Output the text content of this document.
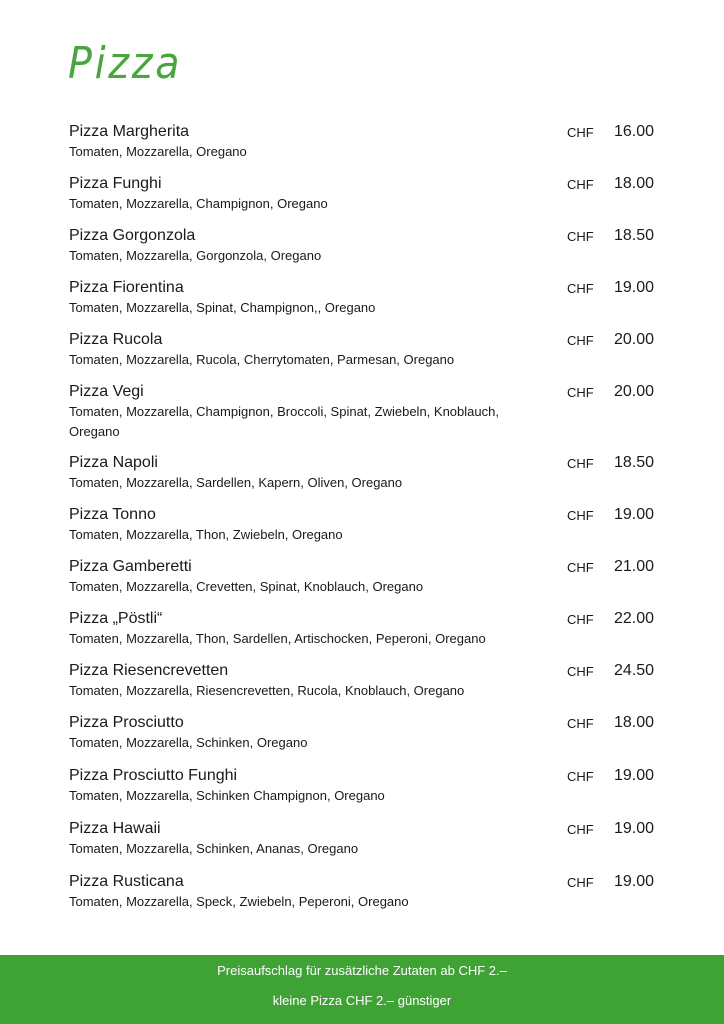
Pizza
Pizza Margherita
Tomaten, Mozzarella, Oregano
CHF 16.00
Pizza Funghi
Tomaten, Mozzarella, Champignon, Oregano
CHF 18.00
Pizza Gorgonzola
Tomaten, Mozzarella, Gorgonzola, Oregano
CHF 18.50
Pizza Fiorentina
Tomaten, Mozzarella, Spinat, Champignon,, Oregano
CHF 19.00
Pizza Rucola
Tomaten, Mozzarella, Rucola, Cherrytomaten, Parmesan, Oregano
CHF 20.00
Pizza Vegi
Tomaten, Mozzarella, Champignon, Broccoli, Spinat, Zwiebeln, Knoblauch, Oregano
CHF 20.00
Pizza Napoli
Tomaten, Mozzarella, Sardellen, Kapern, Oliven, Oregano
CHF 18.50
Pizza Tonno
Tomaten, Mozzarella, Thon, Zwiebeln, Oregano
CHF 19.00
Pizza Gamberetti
Tomaten, Mozzarella, Crevetten, Spinat, Knoblauch, Oregano
CHF 21.00
Pizza „Pöstli“
Tomaten, Mozzarella, Thon, Sardellen, Artischocken, Peperoni, Oregano
CHF 22.00
Pizza Riesencrevetten
Tomaten, Mozzarella, Riesencrevetten, Rucola, Knoblauch, Oregano
CHF 24.50
Pizza Prosciutto
Tomaten, Mozzarella, Schinken, Oregano
CHF 18.00
Pizza Prosciutto Funghi
Tomaten, Mozzarella, Schinken Champignon, Oregano
CHF 19.00
Pizza Hawaii
Tomaten, Mozzarella, Schinken, Ananas, Oregano
CHF 19.00
Pizza Rusticana
Tomaten, Mozzarella, Speck, Zwiebeln, Peperoni, Oregano
CHF 19.00
Preisaufschlag für zusätzliche Zutaten ab CHF 2.–
kleine Pizza CHF 2.– günstiger
